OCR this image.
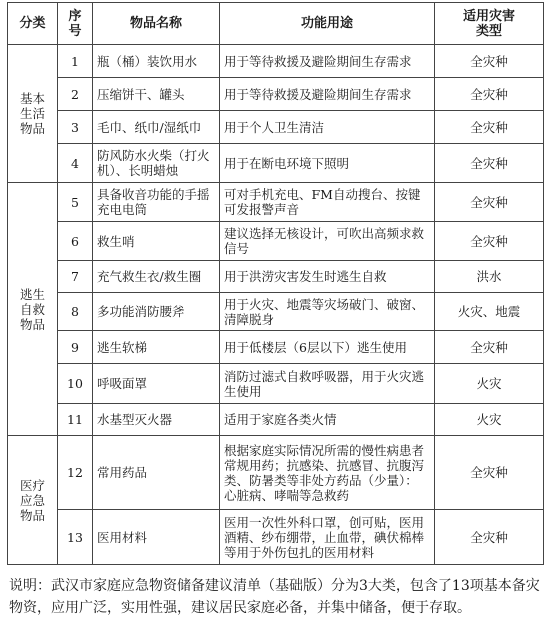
分类	序号	物品名称	功能用途	适用灾害类型
基本生活物品	1	瓶（桶）装饮用水	用于等待救援及避险期间生存需求	全灾种
	2	压缩饼干、罐头	用于等待救援及避险期间生存需求	全灾种
	3	毛巾、纸巾/湿纸巾	用于个人卫生清洁	全灾种
	4	防风防水火柴（打火机）、长明蜡烛	用于在断电环境下照明	全灾种
逃生自救物品	5	具备收音功能的手摇充电电筒	可对手机充电、FM自动搜台、按键可发报警声音	全灾种
	6	救生哨	建议选择无核设计，可吹出高频求救信号	全灾种
	7	充气救生衣/救生圈	用于洪涝灾害发生时逃生自救	洪水
	8	多功能消防腰斧	用于火灾、地震等灾场破门、破窗、清障脱身	火灾、地震
	9	逃生软梯	用于低楼层（6层以下）逃生使用	全灾种
	10	呼吸面罩	消防过滤式自救呼吸器，用于火灾逃生使用	火灾
	11	水基型灭火器	适用于家庭各类火情	火灾
医疗应急物品	12	常用药品	根据家庭实际情况所需的慢性病患者常规用药；抗感染、抗感冒、抗腹泻类、防暑类等非处方药品（少量）：心脏病、哮喘等急救药	全灾种
	13	医用材料	医用一次性外科口罩，创可贴，医用酒精、纱布绷带，止血带，碘伏棉棒等用于外伤包扎的医用材料	全灾种
说明：武汉市家庭应急物资储备建议清单（基础版）分为3大类，包含了13项基本备灾物资，应用广泛，实用性强，建议居民家庭必备，并集中储备，便于存取。
